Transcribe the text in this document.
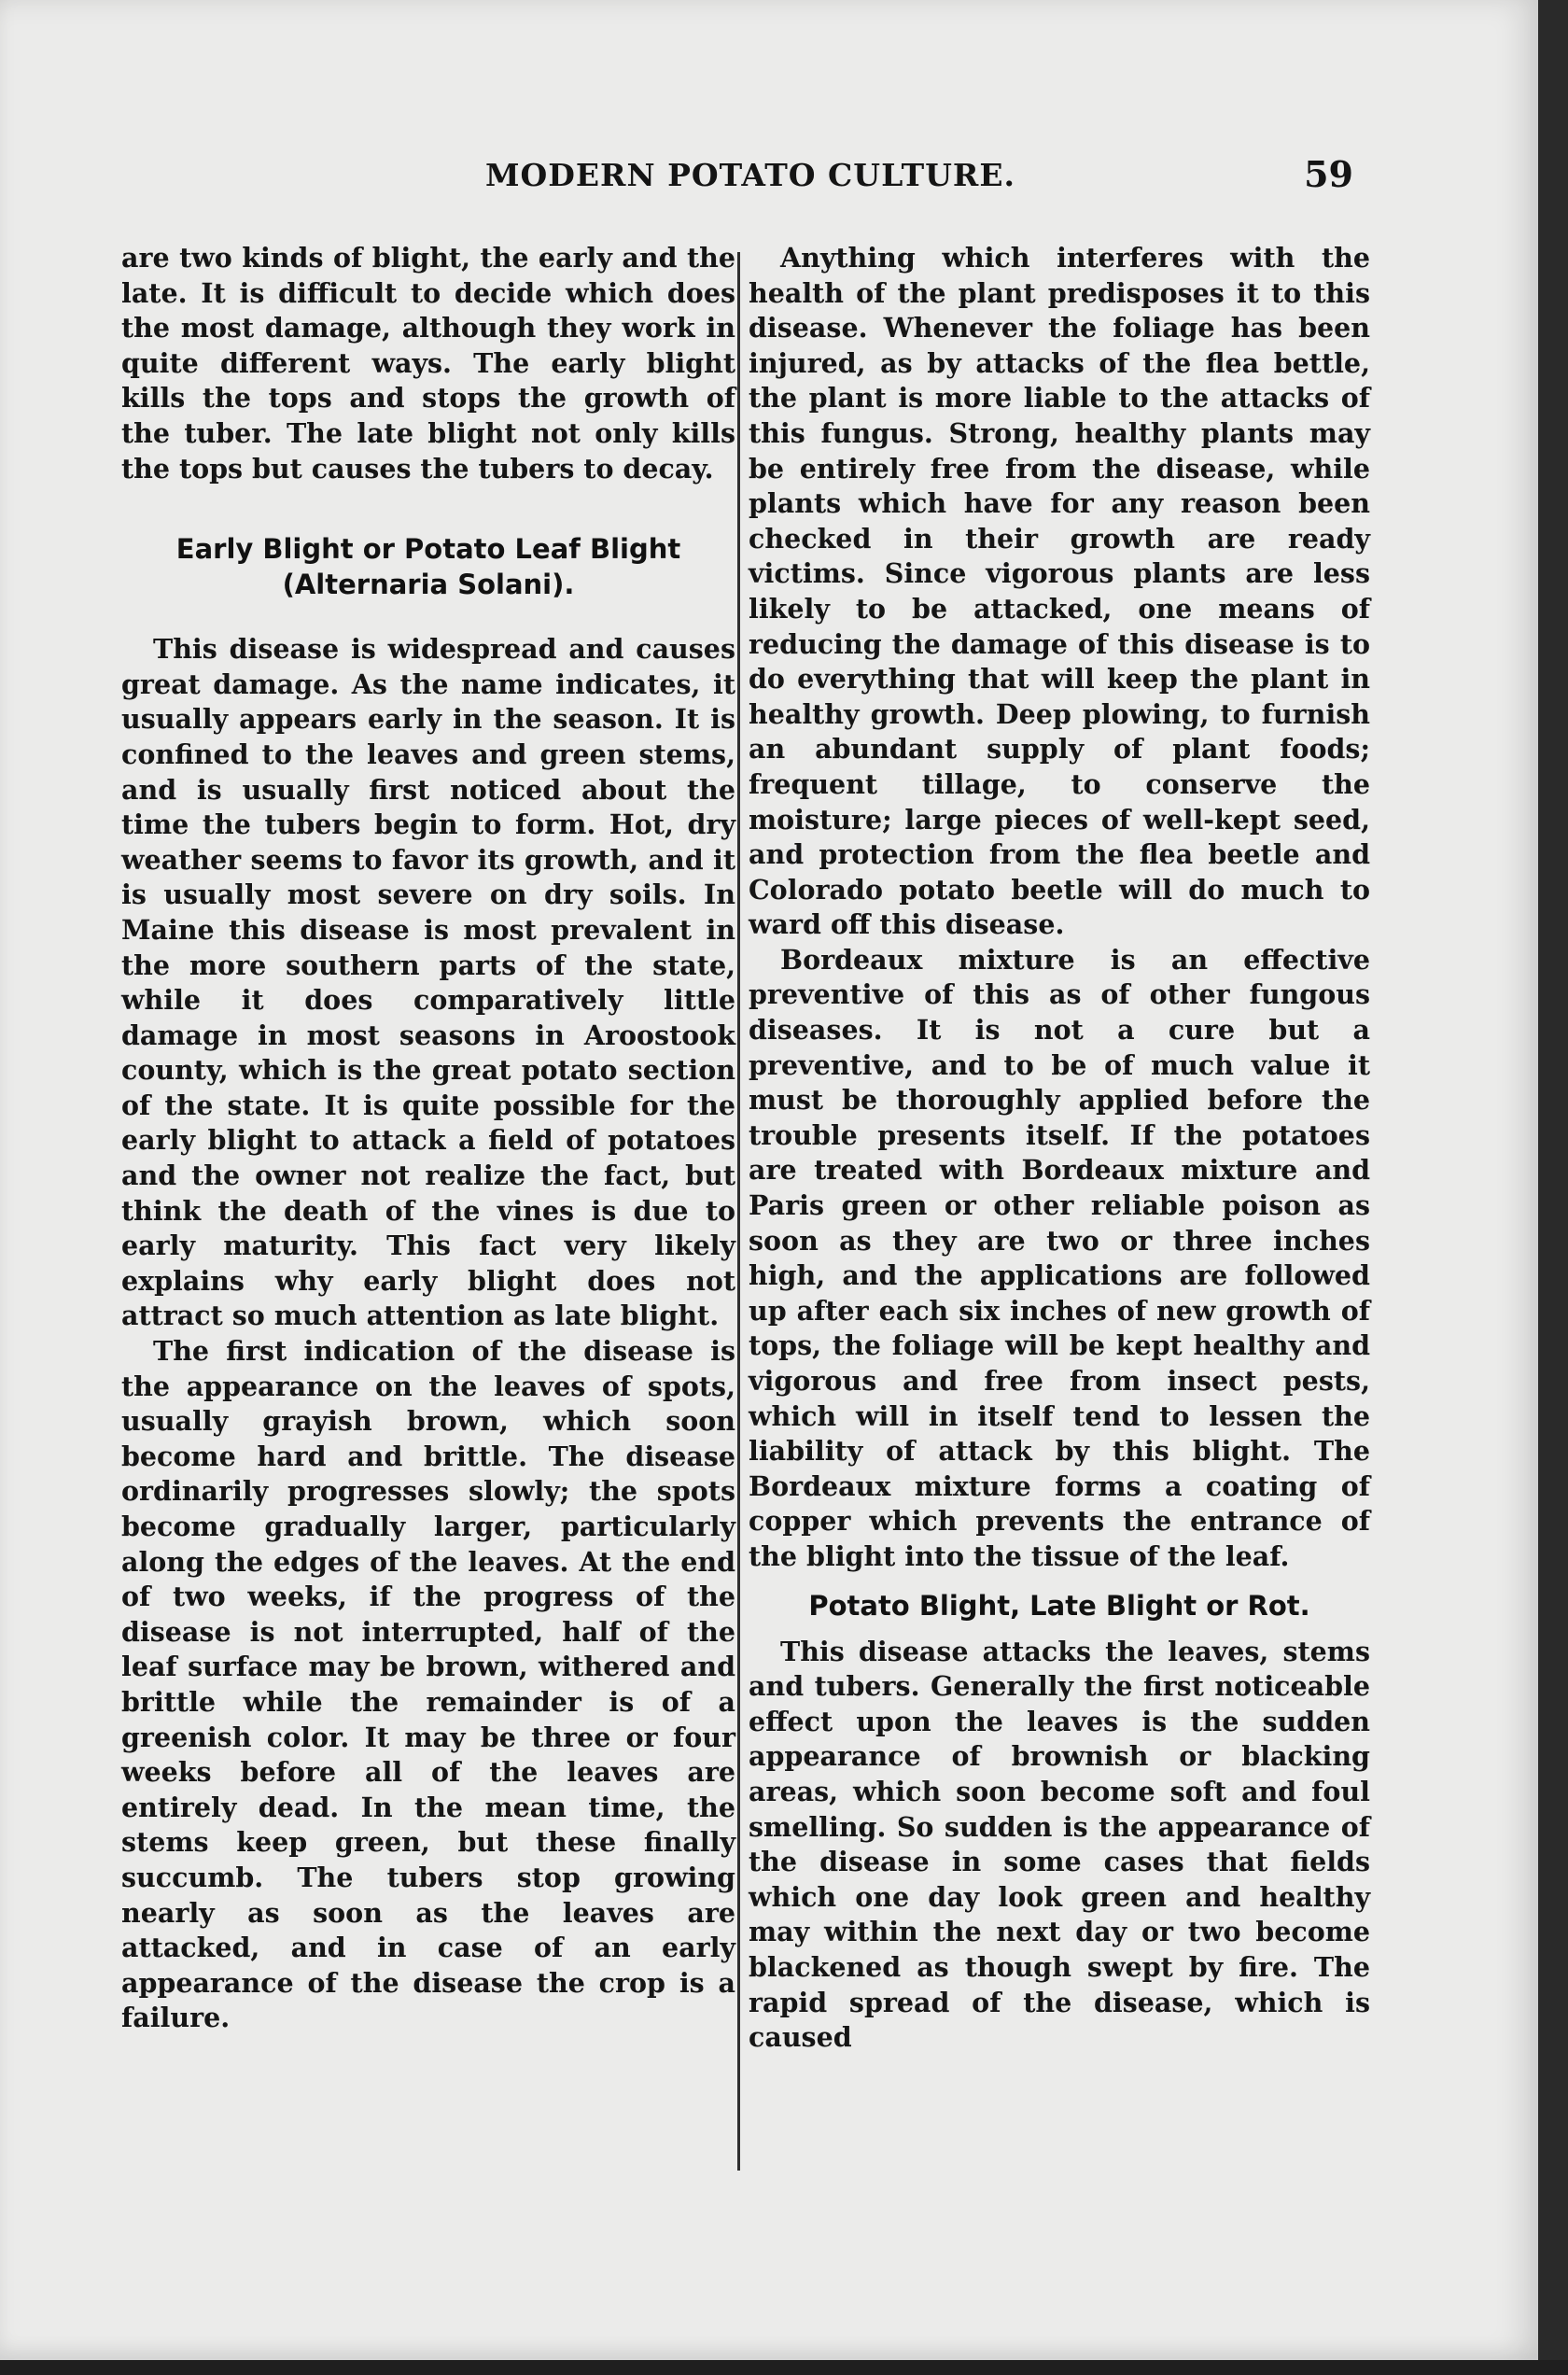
MODERN POTATO CULTURE.	59

are two kinds of blight, the early and the late. It is difficult to decide which does the most damage, although they work in quite different ways. The early blight kills the tops and stops the growth of the tuber. The late blight not only kills the tops but causes the tubers to decay.

Early Blight or Potato Leaf Blight (Alternaria Solani).

This disease is widespread and causes great damage. As the name indicates, it usually appears early in the season. It is confined to the leaves and green stems, and is usually first noticed about the time the tubers begin to form. Hot, dry weather seems to favor its growth, and it is usually most severe on dry soils. In Maine this disease is most prevalent in the more southern parts of the state, while it does comparatively little damage in most seasons in Aroostook county, which is the great potato section of the state. It is quite possible for the early blight to attack a field of potatoes and the owner not realize the fact, but think the death of the vines is due to early maturity. This fact very likely explains why early blight does not attract so much attention as late blight.

The first indication of the disease is the appearance on the leaves of spots, usually grayish brown, which soon become hard and brittle. The disease ordinarily progresses slowly; the spots become gradually larger, particularly along the edges of the leaves. At the end of two weeks, if the progress of the disease is not interrupted, half of the leaf surface may be brown, withered and brittle while the remainder is of a greenish color. It may be three or four weeks before all of the leaves are entirely dead. In the mean time, the stems keep green, but these finally succumb. The tubers stop growing nearly as soon as the leaves are attacked, and in case of an early appearance of the disease the crop is a failure.

Anything which interferes with the health of the plant predisposes it to this disease. Whenever the foliage has been injured, as by attacks of the flea bettle, the plant is more liable to the attacks of this fungus. Strong, healthy plants may be entirely free from the disease, while plants which have for any reason been checked in their growth are ready victims. Since vigorous plants are less likely to be attacked, one means of reducing the damage of this disease is to do everything that will keep the plant in healthy growth. Deep plowing, to furnish an abundant supply of plant foods; frequent tillage, to conserve the moisture; large pieces of well-kept seed, and protection from the flea beetle and Colorado potato beetle will do much to ward off this disease.

Bordeaux mixture is an effective preventive of this as of other fungous diseases. It is not a cure but a preventive, and to be of much value it must be thoroughly applied before the trouble presents itself. If the potatoes are treated with Bordeaux mixture and Paris green or other reliable poison as soon as they are two or three inches high, and the applications are followed up after each six inches of new growth of tops, the foliage will be kept healthy and vigorous and free from insect pests, which will in itself tend to lessen the liability of attack by this blight. The Bordeaux mixture forms a coating of copper which prevents the entrance of the blight into the tissue of the leaf.

Potato Blight, Late Blight or Rot.

This disease attacks the leaves, stems and tubers. Generally the first noticeable effect upon the leaves is the sudden appearance of brownish or blacking areas, which soon become soft and foul smelling. So sudden is the appearance of the disease in some cases that fields which one day look green and healthy may within the next day or two become blackened as though swept by fire. The rapid spread of the disease, which is caused
